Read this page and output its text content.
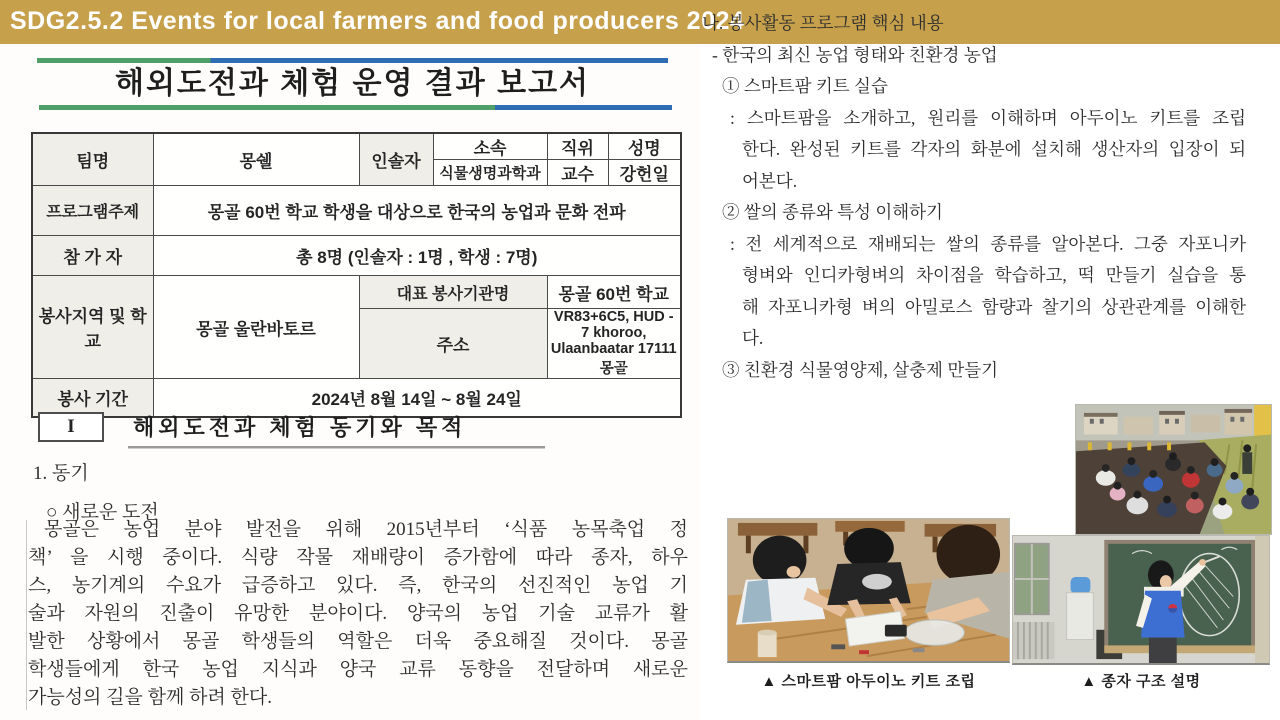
SDG2.5.2 Events for local farmers and food producers 2024
해외도전과 체험 운영 결과 보고서
팀명	몽쉘	인솔자	소속	직위	성명
			식물생명과학과	교수	강헌일
프로그램주제	몽골 60번 학교 학생을 대상으로 한국의 농업과 문화 전파				
참 가 자	총 8명 (인솔자 : 1명 , 학생 : 7명)				
봉사지역 및 학교	몽골 울란바토르	대표 봉사기관명		몽골 60번 학교	
		주소		VR83+6C5, HUD - 7 khoroo, Ulaanbaatar 17111 몽골	
봉사 기간	2024년 8월 14일 ~ 8월 24일				
I	해외도전과 체험 동기와 목적
1. 동기
○ 새로운 도전
몽골은 농업 분야 발전을 위해 2015년부터 ‘식품 농목축업 정
책’ 을 시행 중이다. 식량 작물 재배량이 증가함에 따라 종자, 하우
스, 농기계의 수요가 급증하고 있다. 즉, 한국의 선진적인 농업 기
술과 자원의 진출이 유망한 분야이다. 양국의 농업 기술 교류가 활
발한 상황에서 몽골 학생들의 역할은 더욱 중요해질 것이다. 몽골
학생들에게 한국 농업 지식과 양국 교류 동향을 전달하며 새로운
가능성의 길을 함께 하려 한다.
나. 봉사활동 프로그램 핵심 내용
- 한국의 최신 농업 형태와 친환경 농업
① 스마트팜 키트 실습
: 스마트팜을 소개하고, 원리를 이해하며 아두이노 키트를 조립
한다. 완성된 키트를 각자의 화분에 설치해 생산자의 입장이 되
어본다.
② 쌀의 종류와 특성 이해하기
: 전 세계적으로 재배되는 쌀의 종류를 알아본다. 그중 자포니카
형벼와 인디카형벼의 차이점을 학습하고, 떡 만들기 실습을 통
해 자포니카형 벼의 아밀로스 함량과 찰기의 상관관계를 이해한
다.
③ 친환경 식물영양제, 살충제 만들기
▲ 스마트팜 아두이노 키트 조립	▲ 종자 구조 설명
